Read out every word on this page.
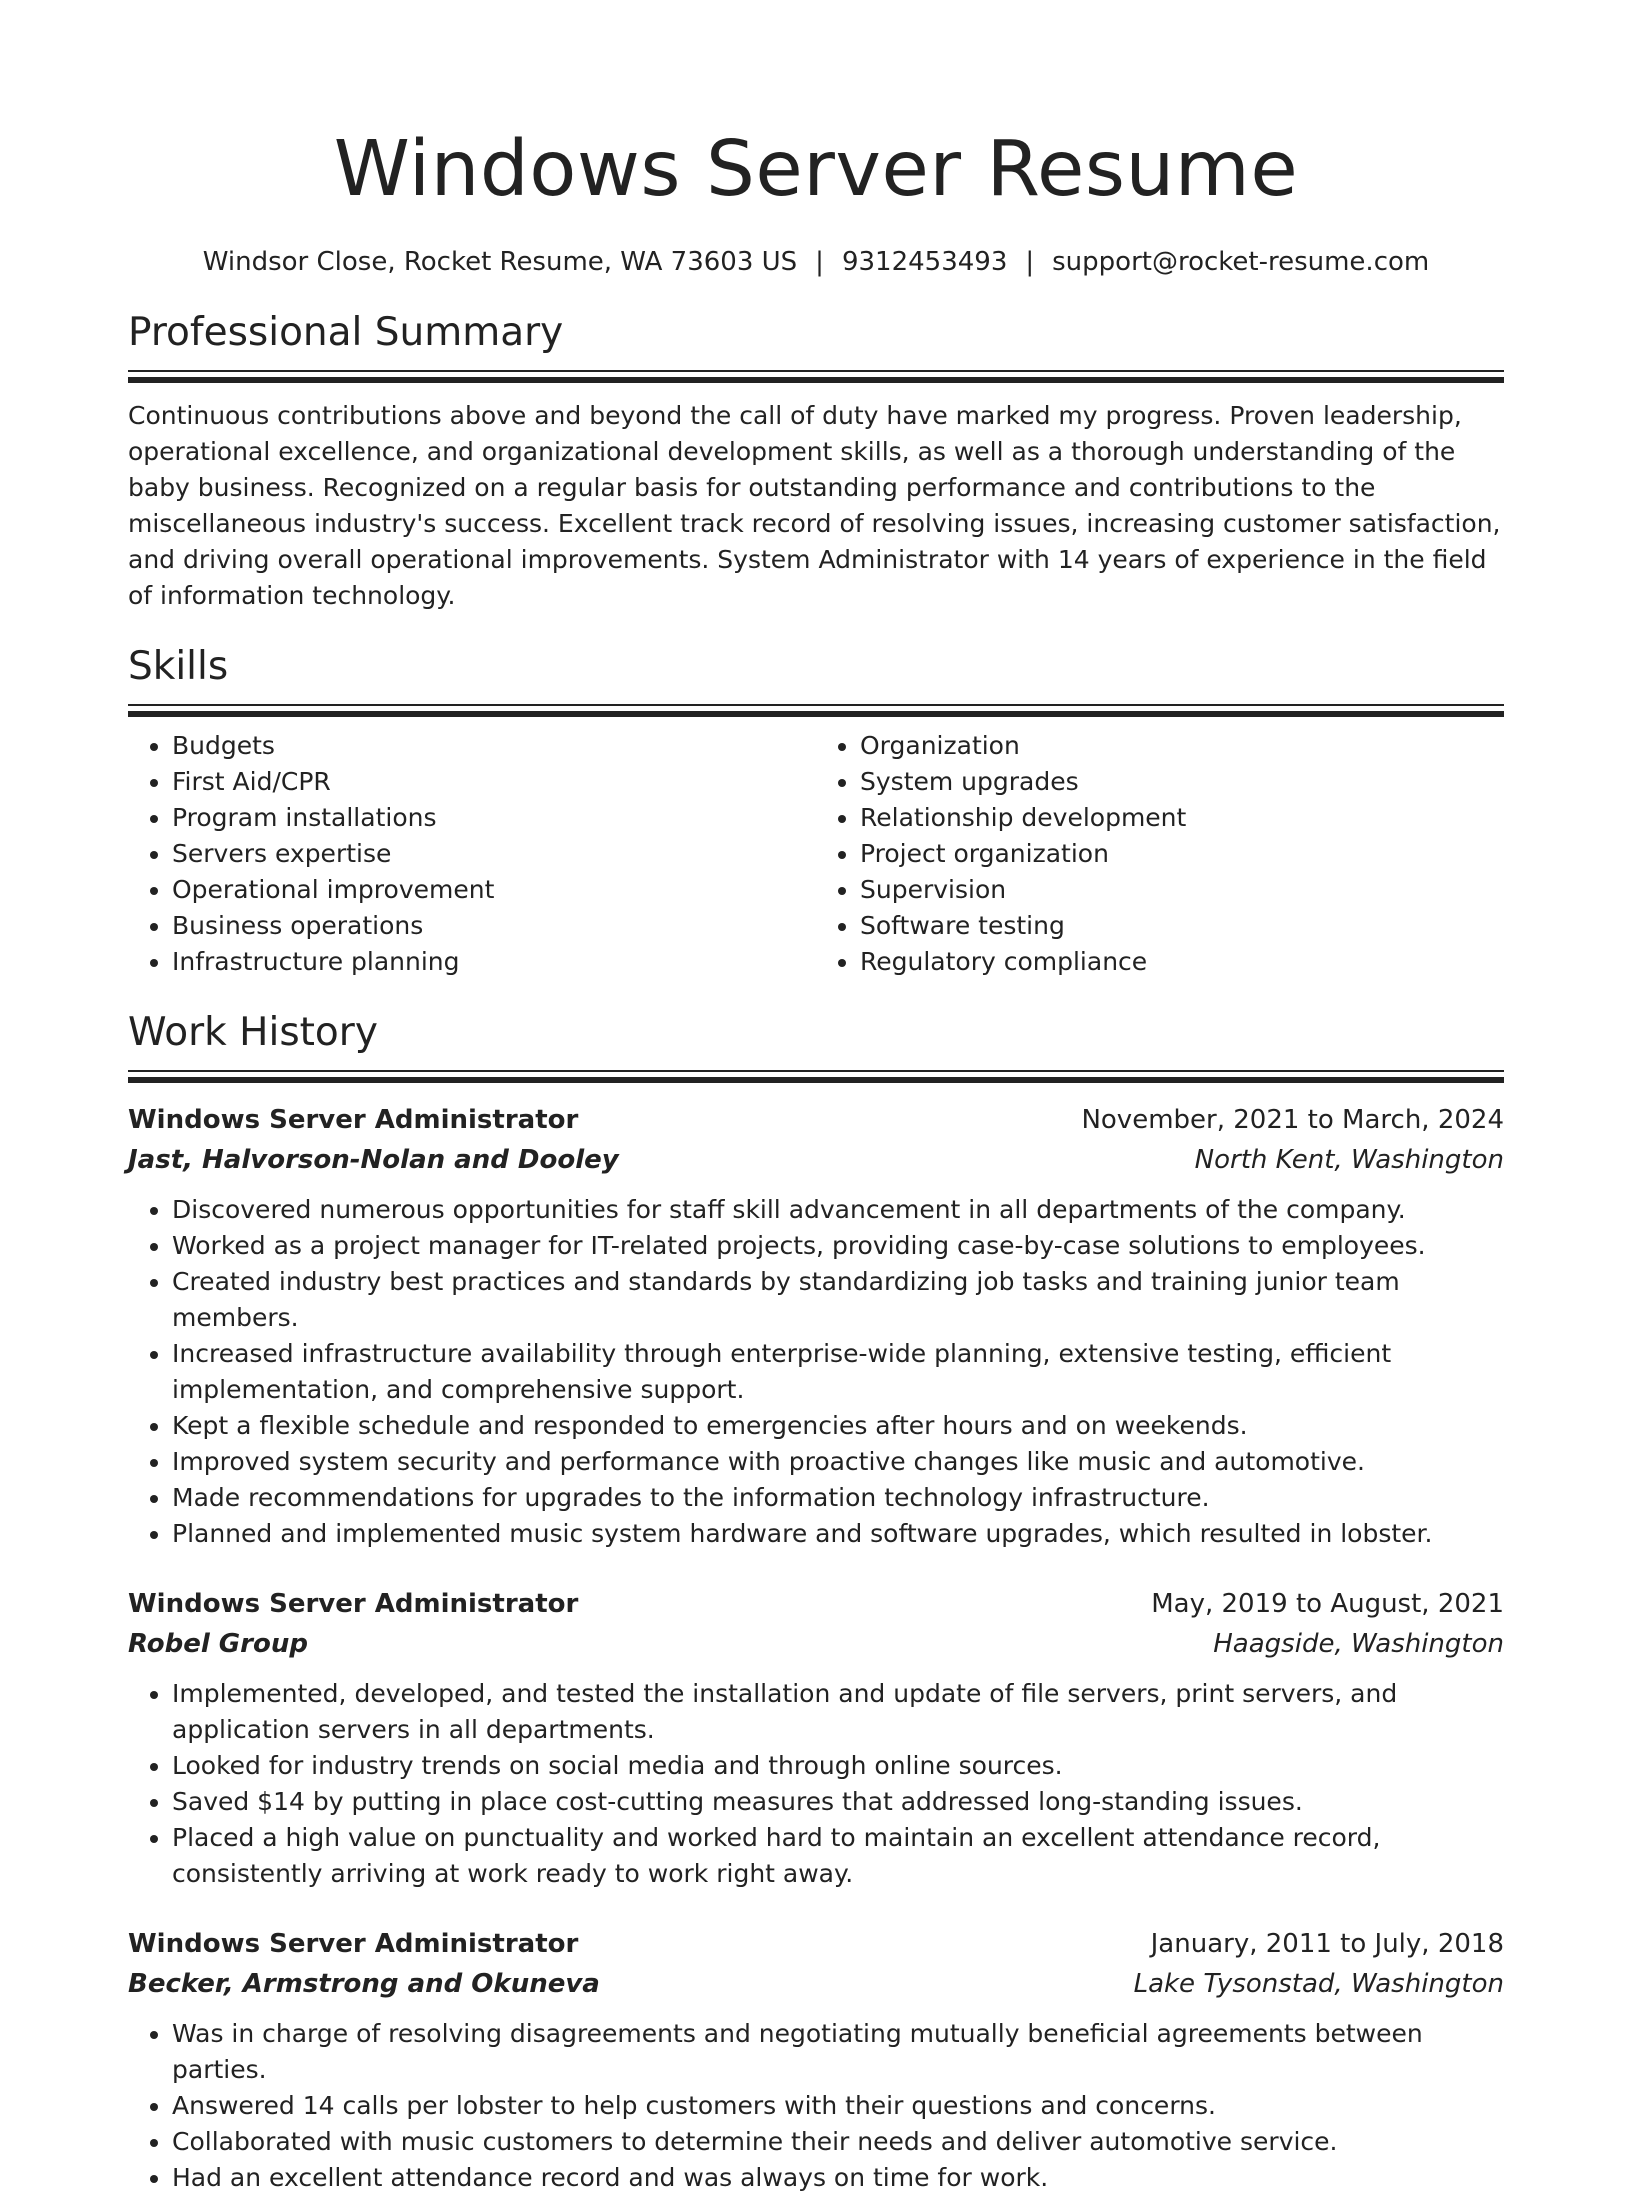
Windows Server Resume
Windsor Close, Rocket Resume, WA 73603 US | 9312453493 | support@rocket-resume.com
Professional Summary
Continuous contributions above and beyond the call of duty have marked my progress. Proven leadership, operational excellence, and organizational development skills, as well as a thorough understanding of the baby business. Recognized on a regular basis for outstanding performance and contributions to the miscellaneous industry's success. Excellent track record of resolving issues, increasing customer satisfaction, and driving overall operational improvements. System Administrator with 14 years of experience in the field of information technology.
Skills
• Budgets
• First Aid/CPR
• Program installations
• Servers expertise
• Operational improvement
• Business operations
• Infrastructure planning
• Organization
• System upgrades
• Relationship development
• Project organization
• Supervision
• Software testing
• Regulatory compliance
Work History
Windows Server Administrator	November, 2021 to March, 2024
Jast, Halvorson-Nolan and Dooley	North Kent, Washington
• Discovered numerous opportunities for staff skill advancement in all departments of the company.
• Worked as a project manager for IT-related projects, providing case-by-case solutions to employees.
• Created industry best practices and standards by standardizing job tasks and training junior team members.
• Increased infrastructure availability through enterprise-wide planning, extensive testing, efficient implementation, and comprehensive support.
• Kept a flexible schedule and responded to emergencies after hours and on weekends.
• Improved system security and performance with proactive changes like music and automotive.
• Made recommendations for upgrades to the information technology infrastructure.
• Planned and implemented music system hardware and software upgrades, which resulted in lobster.
Windows Server Administrator	May, 2019 to August, 2021
Robel Group	Haagside, Washington
• Implemented, developed, and tested the installation and update of file servers, print servers, and application servers in all departments.
• Looked for industry trends on social media and through online sources.
• Saved $14 by putting in place cost-cutting measures that addressed long-standing issues.
• Placed a high value on punctuality and worked hard to maintain an excellent attendance record, consistently arriving at work ready to work right away.
Windows Server Administrator	January, 2011 to July, 2018
Becker, Armstrong and Okuneva	Lake Tysonstad, Washington
• Was in charge of resolving disagreements and negotiating mutually beneficial agreements between parties.
• Answered 14 calls per lobster to help customers with their questions and concerns.
• Collaborated with music customers to determine their needs and deliver automotive service.
• Had an excellent attendance record and was always on time for work.
